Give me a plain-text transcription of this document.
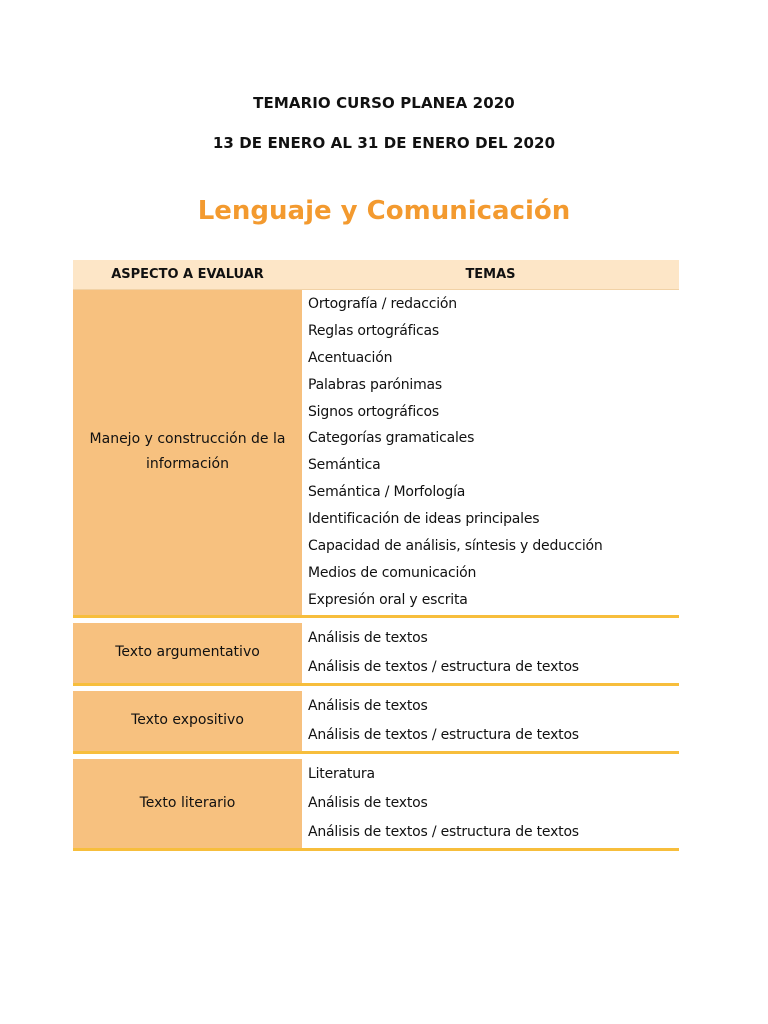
TEMARIO CURSO PLANEA 2020
13 DE ENERO AL 31 DE ENERO DEL 2020
Lenguaje y Comunicación
ASPECTO A EVALUAR	TEMAS
Manejo y construcción de la información
Ortografía / redacción
Reglas ortográficas
Acentuación
Palabras parónimas
Signos ortográficos
Categorías gramaticales
Semántica
Semántica / Morfología
Identificación de ideas principales
Capacidad de análisis, síntesis y deducción
Medios de comunicación
Expresión oral y escrita
Texto argumentativo
Análisis de textos
Análisis de textos / estructura de textos
Texto expositivo
Análisis de textos
Análisis de textos / estructura de textos
Texto literario
Literatura
Análisis de textos
Análisis de textos / estructura de textos
